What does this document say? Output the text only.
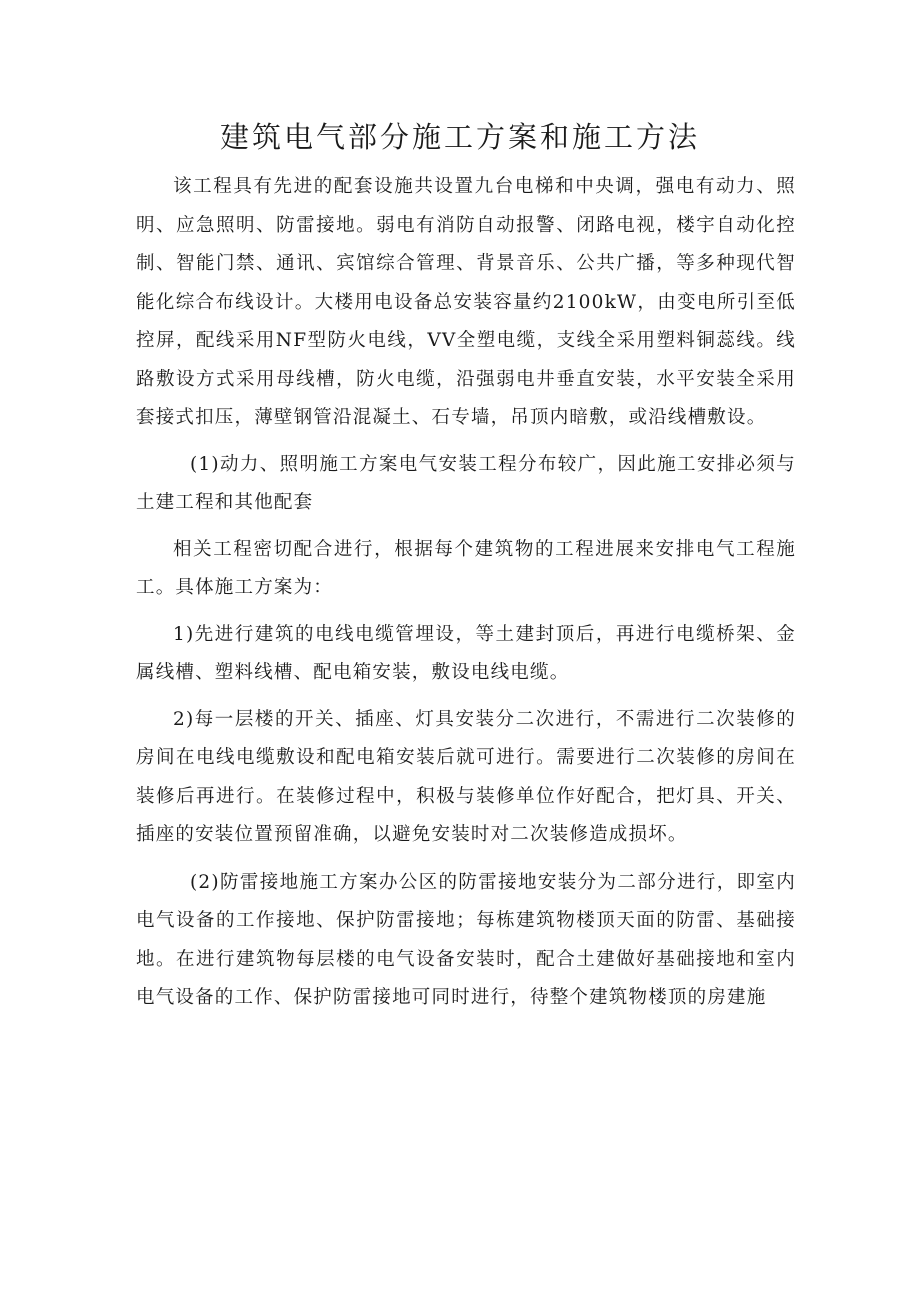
建筑电气部分施工方案和施工方法

该工程具有先进的配套设施共设置九台电梯和中央调，强电有动力、照明、应急照明、防雷接地。弱电有消防自动报警、闭路电视，楼宇自动化控制、智能门禁、通讯、宾馆综合管理、背景音乐、公共广播，等多种现代智能化综合布线设计。大楼用电设备总安装容量约2100kW，由变电所引至低控屏，配线采用NF型防火电线，VV全塑电缆，支线全采用塑料铜蕊线。线路敷设方式采用母线槽，防火电缆，沿强弱电井垂直安装，水平安装全采用套接式扣压，薄壁钢管沿混凝土、石专墙，吊顶内暗敷，或沿线槽敷设。

(1)动力、照明施工方案电气安装工程分布较广，因此施工安排必须与土建工程和其他配套

相关工程密切配合进行，根据每个建筑物的工程进展来安排电气工程施工。具体施工方案为：

1)先进行建筑的电线电缆管埋设，等土建封顶后，再进行电缆桥架、金属线槽、塑料线槽、配电箱安装，敷设电线电缆。

2)每一层楼的开关、插座、灯具安装分二次进行，不需进行二次装修的房间在电线电缆敷设和配电箱安装后就可进行。需要进行二次装修的房间在装修后再进行。在装修过程中，积极与装修单位作好配合，把灯具、开关、插座的安装位置预留准确，以避免安装时对二次装修造成损坏。

(2)防雷接地施工方案办公区的防雷接地安装分为二部分进行，即室内电气设备的工作接地、保护防雷接地；每栋建筑物楼顶天面的防雷、基础接地。在进行建筑物每层楼的电气设备安装时，配合土建做好基础接地和室内电气设备的工作、保护防雷接地可同时进行，待整个建筑物楼顶的房建施
